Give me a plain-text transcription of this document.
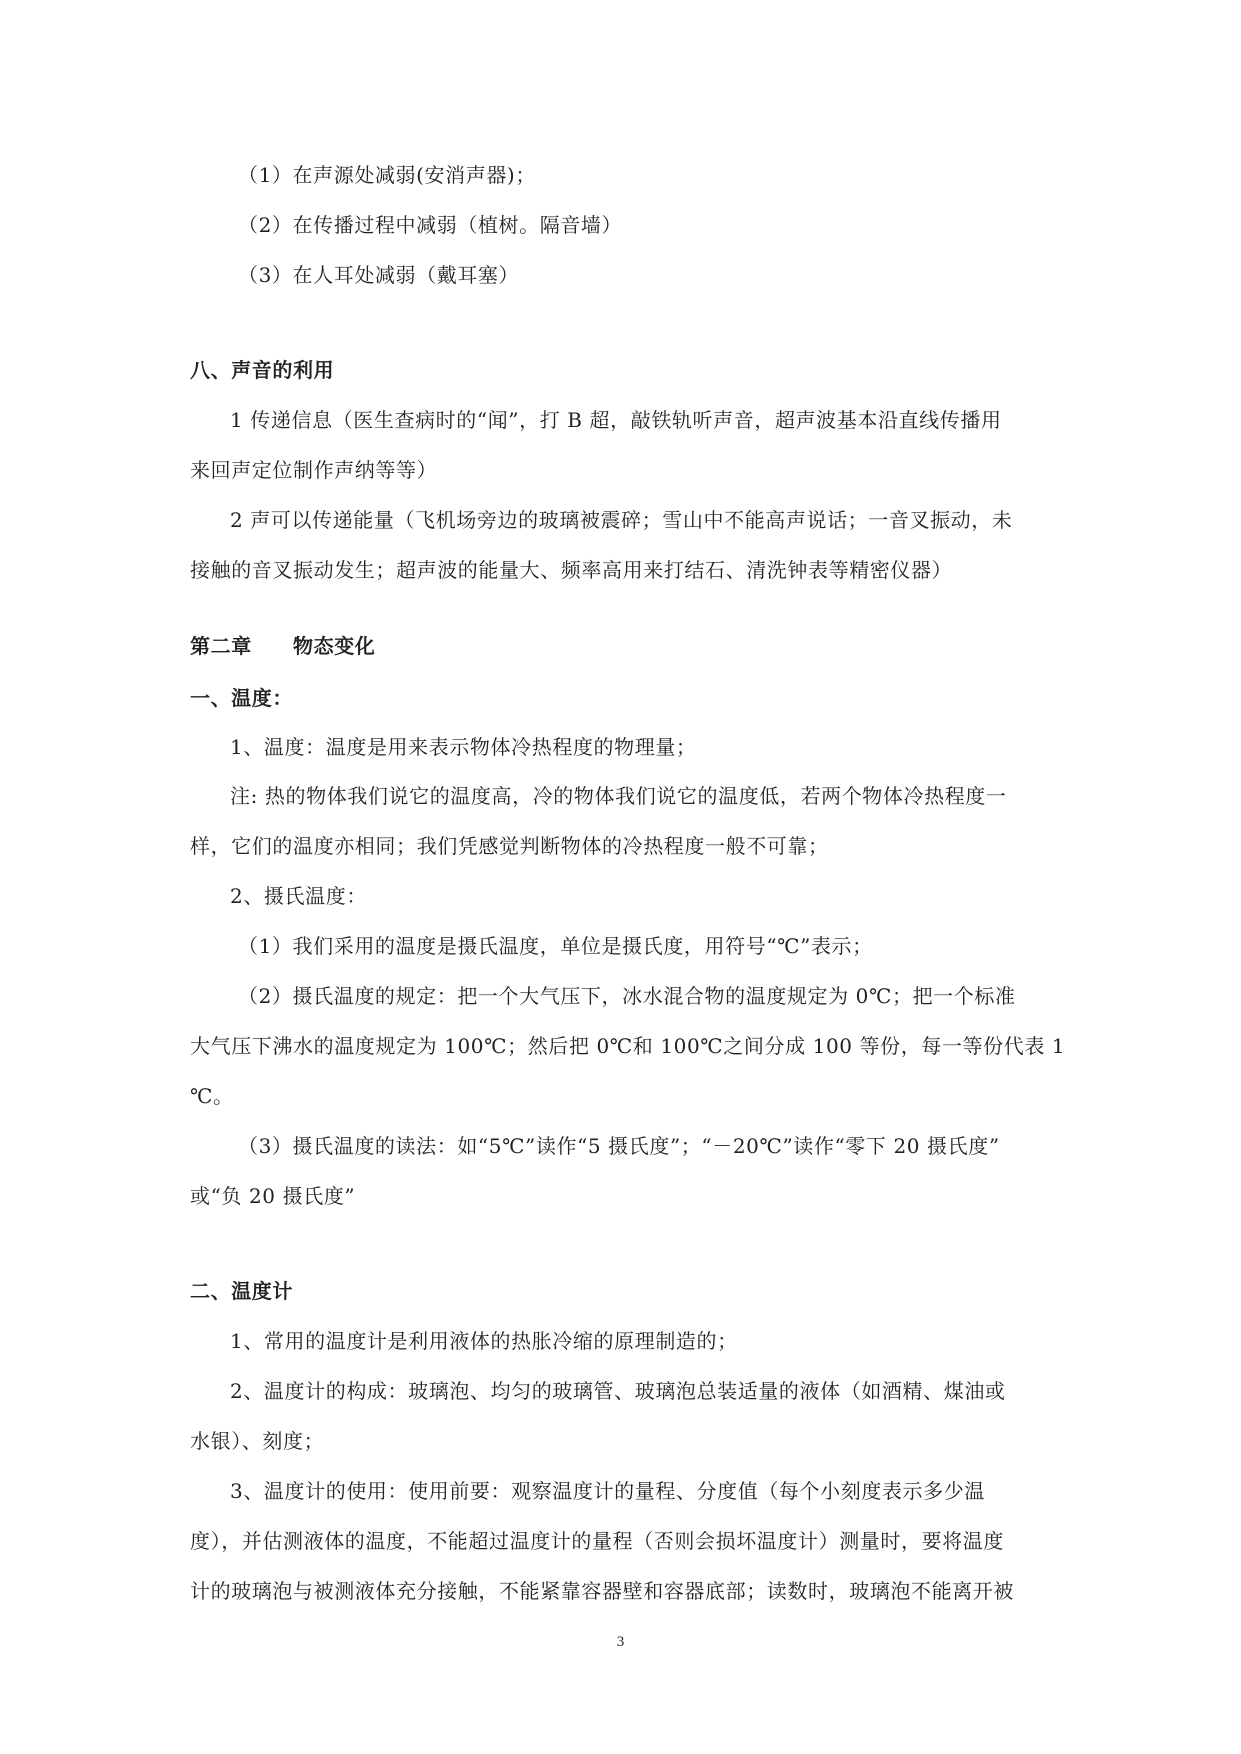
（1）在声源处减弱(安消声器)；
（2）在传播过程中减弱（植树。隔音墙）
（3）在人耳处减弱（戴耳塞）
八、声音的利用
1 传递信息（医生查病时的“闻”，打 B 超，敲铁轨听声音，超声波基本沿直线传播用
来回声定位制作声纳等等）
2 声可以传递能量（飞机场旁边的玻璃被震碎；雪山中不能高声说话；一音叉振动，未
接触的音叉振动发生；超声波的能量大、频率高用来打结石、清洗钟表等精密仪器）
第二章　　物态变化
一、温度：
1、温度：温度是用来表示物体冷热程度的物理量；
注: 热的物体我们说它的温度高，冷的物体我们说它的温度低，若两个物体冷热程度一
样，它们的温度亦相同；我们凭感觉判断物体的冷热程度一般不可靠；
2、摄氏温度：
（1）我们采用的温度是摄氏温度，单位是摄氏度，用符号“℃”表示；
（2）摄氏温度的规定：把一个大气压下，冰水混合物的温度规定为 0℃；把一个标准
大气压下沸水的温度规定为 100℃；然后把 0℃和 100℃之间分成 100 等份，每一等份代表 1
℃。
（3）摄氏温度的读法：如“5℃”读作“5 摄氏度”；“－20℃”读作“零下 20 摄氏度”
或“负 20 摄氏度”
二、温度计
1、常用的温度计是利用液体的热胀冷缩的原理制造的；
2、温度计的构成：玻璃泡、均匀的玻璃管、玻璃泡总装适量的液体（如酒精、煤油或
水银）、刻度；
3、温度计的使用：使用前要：观察温度计的量程、分度值（每个小刻度表示多少温
度），并估测液体的温度，不能超过温度计的量程（否则会损坏温度计）测量时，要将温度
计的玻璃泡与被测液体充分接触，不能紧靠容器壁和容器底部；读数时，玻璃泡不能离开被
3
